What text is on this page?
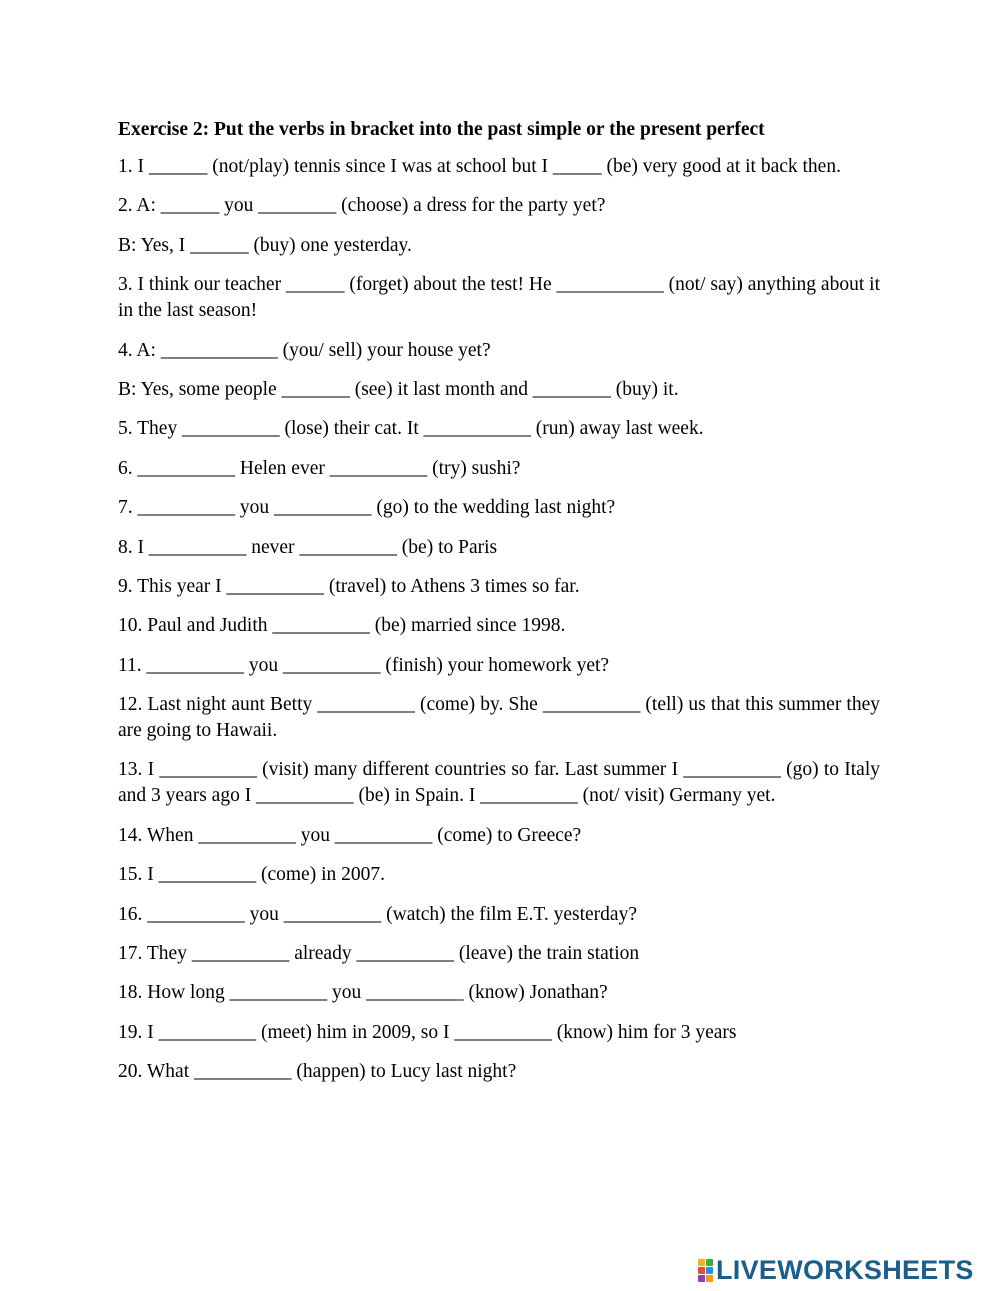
Exercise 2: Put the verbs in bracket into the past simple or the present perfect
1. I ______ (not/play) tennis since I was at school but I _____ (be) very good at it back then.
2. A: ______ you ________ (choose) a dress for the party yet?
B: Yes, I ______ (buy) one yesterday.
3. I think our teacher ______ (forget) about the test! He ___________ (not/ say) anything about it in the last season!
4. A: ____________ (you/ sell) your house yet?
B: Yes, some people _______ (see) it last month and ________ (buy) it.
5. They __________ (lose) their cat. It ___________ (run) away last week.
6. __________ Helen ever __________ (try) sushi?
7. __________ you __________ (go) to the wedding last night?
8. I __________ never __________ (be) to Paris
9. This year I __________ (travel) to Athens 3 times so far.
10. Paul and Judith __________ (be) married since 1998.
11. __________ you __________ (finish) your homework yet?
12. Last night aunt Betty __________ (come) by. She __________ (tell) us that this summer they are going to Hawaii.
13. I __________ (visit) many different countries so far. Last summer I __________ (go) to Italy and 3 years ago I __________ (be) in Spain. I __________ (not/ visit) Germany yet.
14. When __________ you __________ (come) to Greece?
15. I __________ (come) in 2007.
16. __________ you __________ (watch) the film E.T. yesterday?
17. They __________ already __________ (leave) the train station
18. How long __________ you __________ (know) Jonathan?
19. I __________ (meet) him in 2009, so I __________ (know) him for 3 years
20. What __________ (happen) to Lucy last night?
LIVEWORKSHEETS
